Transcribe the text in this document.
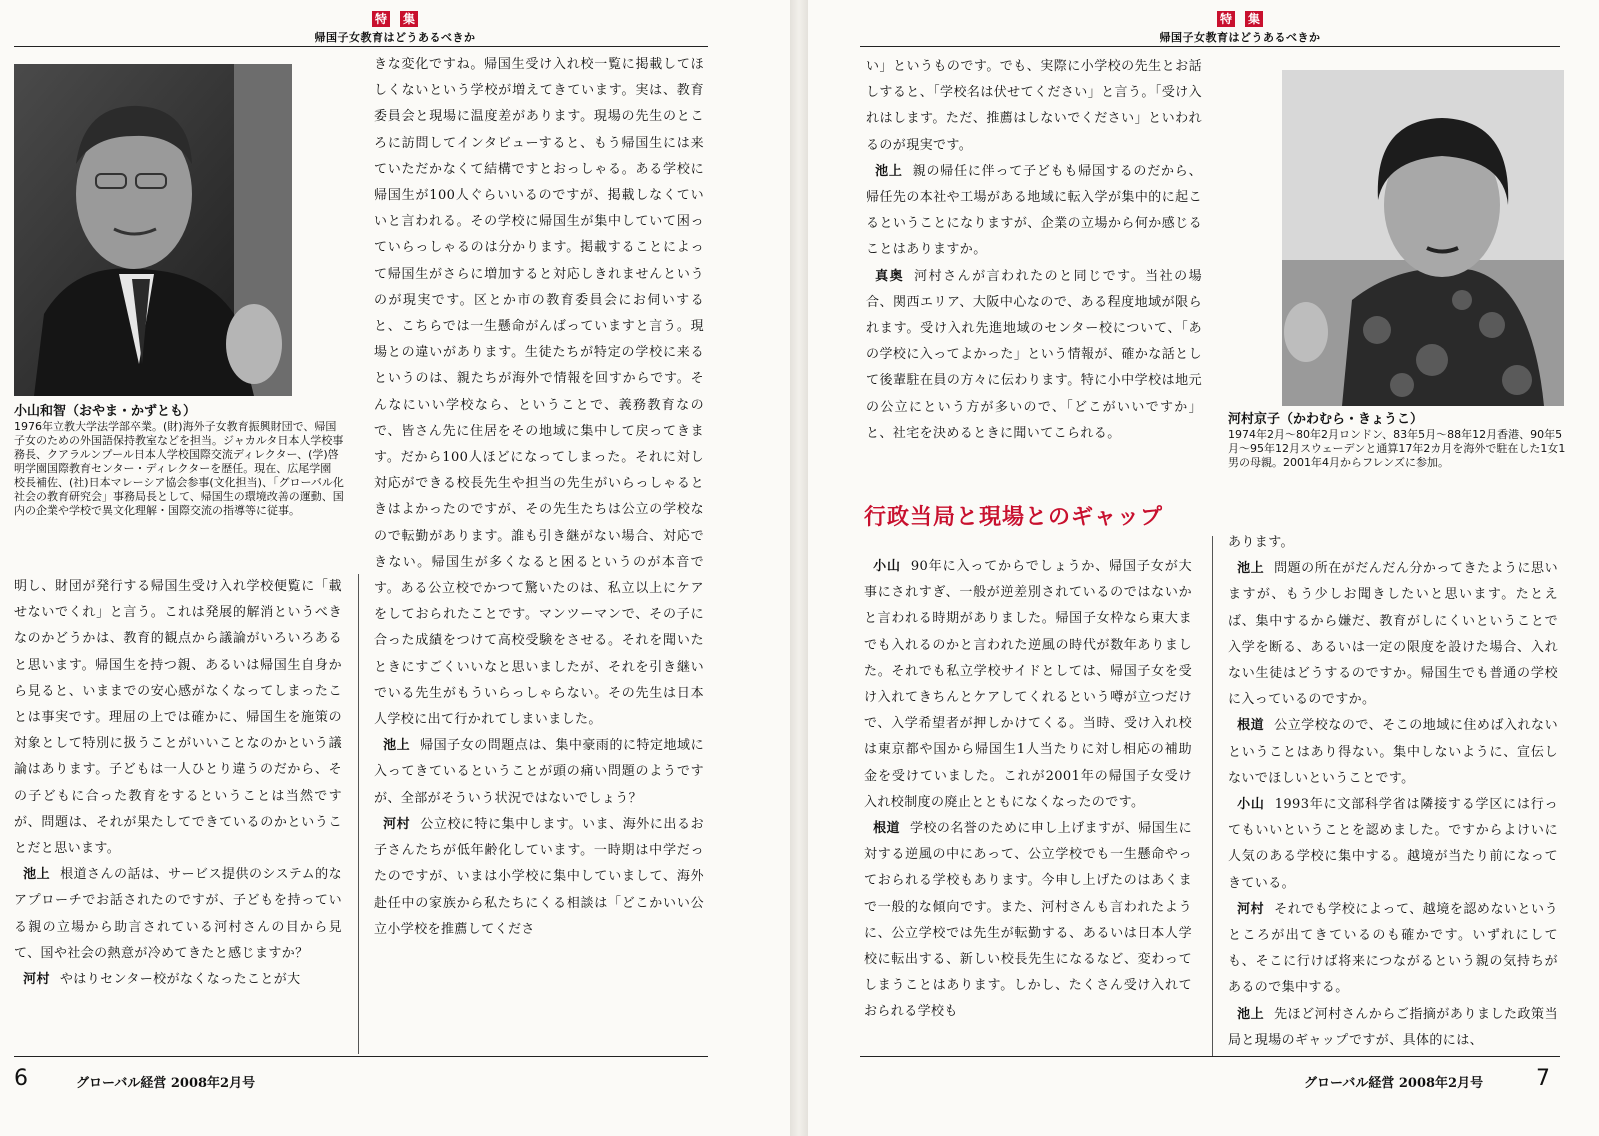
特 集
帰国子女教育はどうあるべきか
小山和智（おやま・かずとも）
1976年立教大学法学部卒業。(財)海外子女教育振興財団で、帰国子女のための外国語保持教室などを担当。ジャカルタ日本人学校事務長、クアラルンプール日本人学校国際交流ディレクター、(学)啓明学園国際教育センター・ディレクターを歴任。現在、広尾学園 校長補佐、(社)日本マレーシア協会参事(文化担当)、「グローバル化社会の教育研究会」事務局長として、帰国生の環境改善の運動、国内の企業や学校で異文化理解・国際交流の指導等に従事。

明し、財団が発行する帰国生受け入れ学校便覧に「載せないでくれ」と言う。これは発展的解消というべきなのかどうかは、教育的観点から議論がいろいろあると思います。帰国生を持つ親、あるいは帰国生自身から見ると、いままでの安心感がなくなってしまったことは事実です。理屈の上では確かに、帰国生を施策の対象として特別に扱うことがいいことなのかという議論はあります。子どもは一人ひとり違うのだから、その子どもに合った教育をするということは当然ですが、問題は、それが果たしてできているのかということだと思います。

池上 根道さんの話は、サービス提供のシステム的なアプローチでお話されたのですが、子どもを持っている親の立場から助言されている河村さんの目から見て、国や社会の熱意が冷めてきたと感じますか？

河村 やはりセンター校がなくなったことが大

きな変化ですね。帰国生受け入れ校一覧に掲載してほしくないという学校が増えてきています。実は、教育委員会と現場に温度差があります。現場の先生のところに訪問してインタビューすると、もう帰国生には来ていただかなくて結構ですとおっしゃる。ある学校に帰国生が100人ぐらいいるのですが、掲載しなくていいと言われる。その学校に帰国生が集中していて困っていらっしゃるのは分かります。掲載することによって帰国生がさらに増加すると対応しきれませんというのが現実です。区とか市の教育委員会にお伺いすると、こちらでは一生懸命がんばっていますと言う。現場との違いがあります。生徒たちが特定の学校に来るというのは、親たちが海外で情報を回すからです。そんなにいい学校なら、ということで、義務教育なので、皆さん先に住居をその地域に集中して戻ってきます。だから100人ほどになってしまった。それに対し対応ができる校長先生や担当の先生がいらっしゃるときはよかったのですが、その先生たちは公立の学校なので転勤があります。誰も引き継がない場合、対応できない。帰国生が多くなると困るというのが本音です。ある公立校でかつて驚いたのは、私立以上にケアをしておられたことです。マンツーマンで、その子に合った成績をつけて高校受験をさせる。それを聞いたときにすごくいいなと思いましたが、それを引き継いでいる先生がもういらっしゃらない。その先生は日本人学校に出て行かれてしまいました。

池上 帰国子女の問題点は、集中豪雨的に特定地域に入ってきているということが頭の痛い問題のようですが、全部がそういう状況ではないでしょう？

河村 公立校に特に集中します。いま、海外に出るお子さんたちが低年齢化しています。一時期は中学だったのですが、いまは小学校に集中していまして、海外赴任中の家族から私たちにくる相談は「どこかいい公立小学校を推薦してくださ

6	グローバル経営 2008年2月号
特 集
帰国子女教育はどうあるべきか

い」というものです。でも、実際に小学校の先生とお話しすると、「学校名は伏せてください」と言う。「受け入れはします。ただ、推薦はしないでください」といわれるのが現実です。

池上 親の帰任に伴って子どもも帰国するのだから、帰任先の本社や工場がある地域に転入学が集中的に起こるということになりますが、企業の立場から何か感じることはありますか。

真奥 河村さんが言われたのと同じです。当社の場合、関西エリア、大阪中心なので、ある程度地域が限られます。受け入れ先進地域のセンター校について、「あの学校に入ってよかった」という情報が、確かな話として後輩駐在員の方々に伝わります。特に小中学校は地元の公立にという方が多いので、「どこがいいですか」と、社宅を決めるときに聞いてこられる。

河村京子（かわむら・きょうこ）
1974年2月～80年2月ロンドン、83年5月～88年12月香港、90年5月～95年12月スウェーデンと通算17年2カ月を海外で駐在した1女1男の母親。2001年4月からフレンズに参加。
行政当局と現場とのギャップ

小山 90年に入ってからでしょうか、帰国子女が大事にされすぎ、一般が逆差別されているのではないかと言われる時期がありました。帰国子女枠なら東大までも入れるのかと言われた逆風の時代が数年ありました。それでも私立学校サイドとしては、帰国子女を受け入れてきちんとケアしてくれるという噂が立つだけで、入学希望者が押しかけてくる。当時、受け入れ校は東京都や国から帰国生1人当たりに対し相応の補助金を受けていました。これが2001年の帰国子女受け入れ校制度の廃止とともになくなったのです。

根道 学校の名誉のために申し上げますが、帰国生に対する逆風の中にあって、公立学校でも一生懸命やっておられる学校もあります。今申し上げたのはあくまで一般的な傾向です。また、河村さんも言われたように、公立学校では先生が転勤する、あるいは日本人学校に転出する、新しい校長先生になるなど、変わってしまうことはあります。しかし、たくさん受け入れておられる学校も

あります。

池上 問題の所在がだんだん分かってきたように思いますが、もう少しお聞きしたいと思います。たとえば、集中するから嫌だ、教育がしにくいということで入学を断る、あるいは一定の限度を設けた場合、入れない生徒はどうするのですか。帰国生でも普通の学校に入っているのですか。

根道 公立学校なので、そこの地域に住めば入れないということはあり得ない。集中しないように、宣伝しないでほしいということです。

小山 1993年に文部科学省は隣接する学区には行ってもいいということを認めました。ですからよけいに人気のある学校に集中する。越境が当たり前になってきている。

河村 それでも学校によって、越境を認めないというところが出てきているのも確かです。いずれにしても、そこに行けば将来につながるという親の気持ちがあるので集中する。

池上 先ほど河村さんからご指摘がありました政策当局と現場のギャップですが、具体的には、

グローバル経営 2008年2月号 7
